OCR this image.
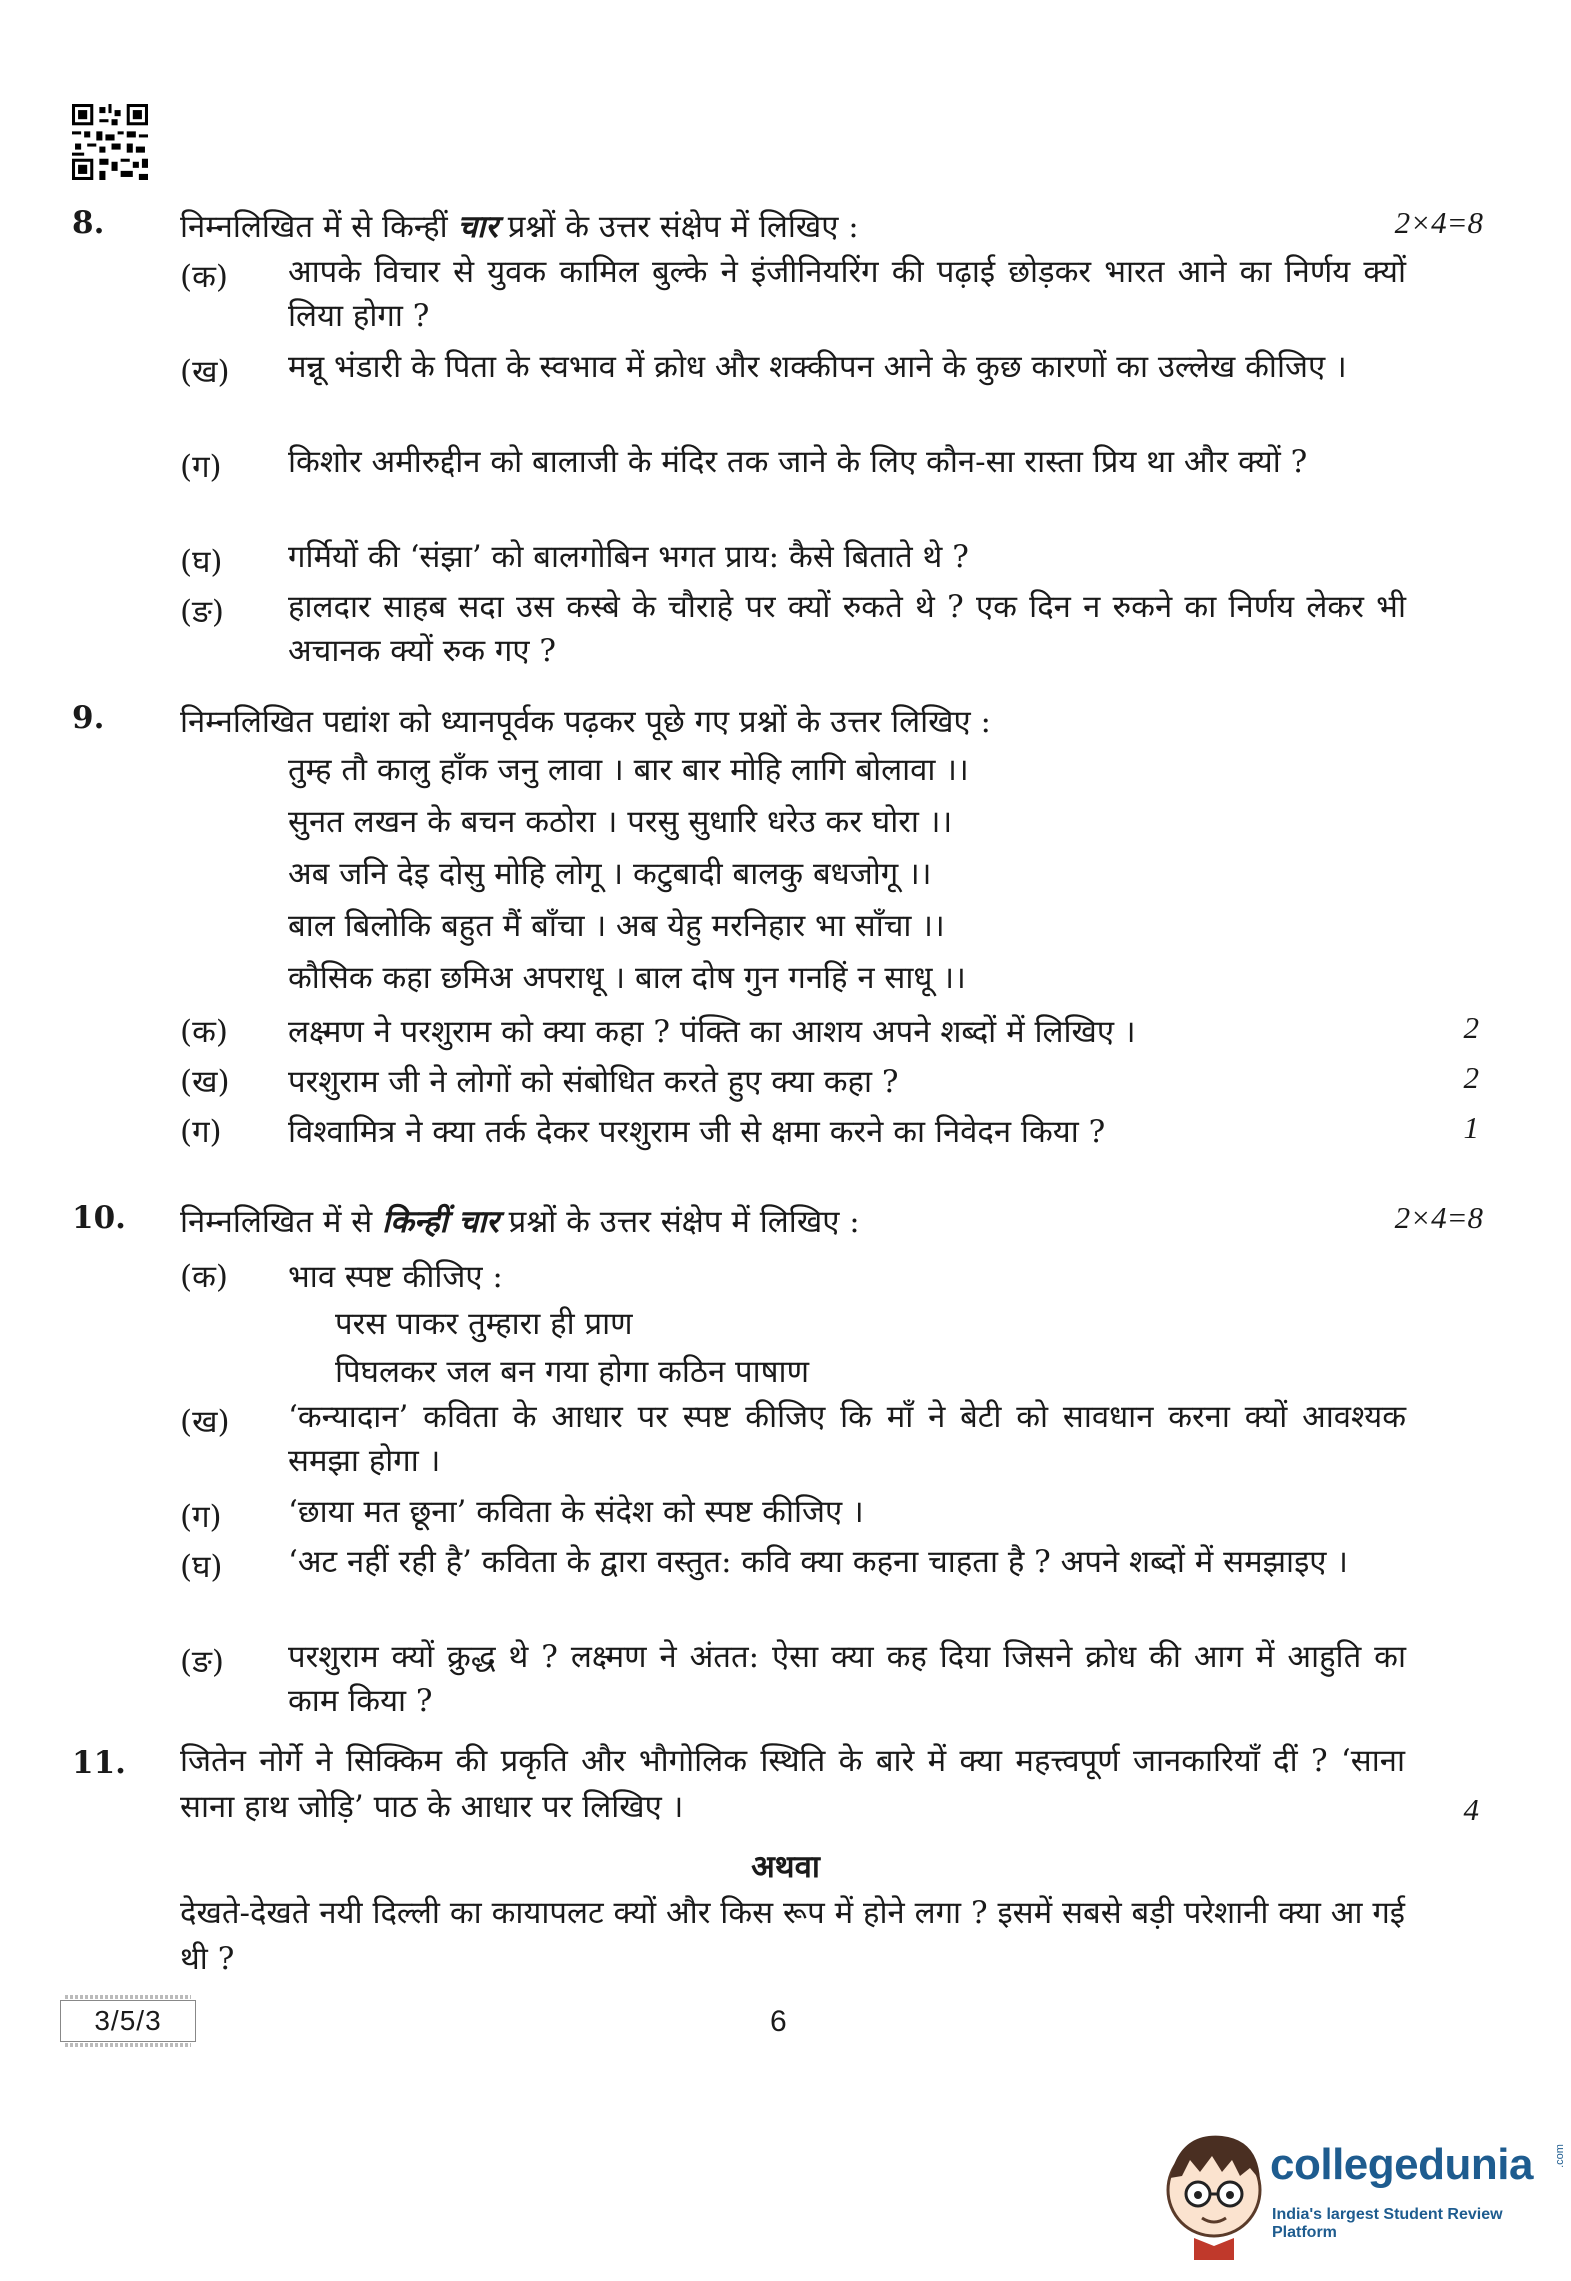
8. निम्नलिखित में से किन्हीं चार प्रश्नों के उत्तर संक्षेप में लिखिए :	2×4=8
(क) आपके विचार से युवक कामिल बुल्के ने इंजीनियरिंग की पढ़ाई छोड़कर भारत आने का निर्णय क्यों लिया होगा ?
(ख) मन्नू भंडारी के पिता के स्वभाव में क्रोध और शक्कीपन आने के कुछ कारणों का उल्लेख कीजिए ।
(ग) किशोर अमीरुद्दीन को बालाजी के मंदिर तक जाने के लिए कौन-सा रास्ता प्रिय था और क्यों ?
(घ) गर्मियों की ‘संझा’ को बालगोबिन भगत प्राय: कैसे बिताते थे ?
(ङ) हालदार साहब सदा उस कस्बे के चौराहे पर क्यों रुकते थे ? एक दिन न रुकने का निर्णय लेकर भी अचानक क्यों रुक गए ?
9. निम्नलिखित पद्यांश को ध्यानपूर्वक पढ़कर पूछे गए प्रश्नों के उत्तर लिखिए :
तुम्ह तौ कालु हाँक जनु लावा । बार बार मोहि लागि बोलावा ।।
सुनत लखन के बचन कठोरा । परसु सुधारि धरेउ कर घोरा ।।
अब जनि देइ दोसु मोहि लोगू । कटुबादी बालकु बधजोगू ।।
बाल बिलोकि बहुत मैं बाँचा । अब येहु मरनिहार भा साँचा ।।
कौसिक कहा छमिअ अपराधू । बाल दोष गुन गनहिं न साधू ।।
(क) लक्ष्मण ने परशुराम को क्या कहा ? पंक्ति का आशय अपने शब्दों में लिखिए ।	2
(ख) परशुराम जी ने लोगों को संबोधित करते हुए क्या कहा ?	2
(ग) विश्वामित्र ने क्या तर्क देकर परशुराम जी से क्षमा करने का निवेदन किया ?	1
10. निम्नलिखित में से किन्हीं चार प्रश्नों के उत्तर संक्षेप में लिखिए :	2×4=8
(क) भाव स्पष्ट कीजिए :
परस पाकर तुम्हारा ही प्राण
पिघलकर जल बन गया होगा कठिन पाषाण
(ख) ‘कन्यादान’ कविता के आधार पर स्पष्ट कीजिए कि माँ ने बेटी को सावधान करना क्यों आवश्यक समझा होगा ।
(ग) ‘छाया मत छूना’ कविता के संदेश को स्पष्ट कीजिए ।
(घ) ‘अट नहीं रही है’ कविता के द्वारा वस्तुत: कवि क्या कहना चाहता है ? अपने शब्दों में समझाइए ।
(ङ) परशुराम क्यों क्रुद्ध थे ? लक्ष्मण ने अंतत: ऐसा क्या कह दिया जिसने क्रोध की आग में आहुति का काम किया ?
11. जितेन नोर्गे ने सिक्किम की प्रकृति और भौगोलिक स्थिति के बारे में क्या महत्त्वपूर्ण जानकारियाँ दीं ? ‘साना साना हाथ जोड़ि’ पाठ के आधार पर लिखिए ।	4
अथवा
देखते-देखते नयी दिल्ली का कायापलट क्यों और किस रूप में होने लगा ? इसमें सबसे बड़ी परेशानी क्या आ गई थी ?
3/5/3	6
collegedunia .com
India's largest Student Review Platform
